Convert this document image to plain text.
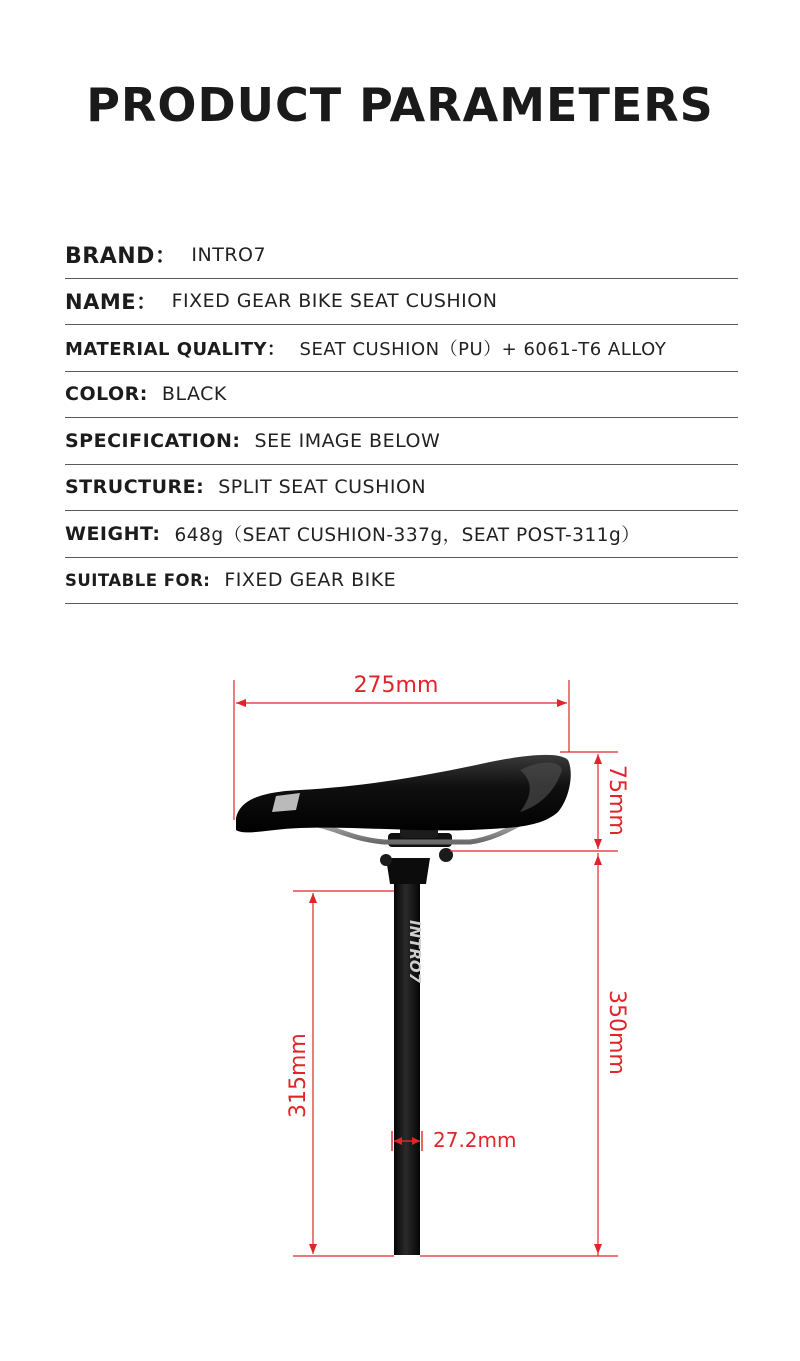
PRODUCT PARAMETERS
BRAND： INTRO7
NAME： FIXED GEAR BIKE SEAT CUSHION
MATERIAL QUALITY： SEAT CUSHION（PU）+ 6061-T6 ALLOY
COLOR: BLACK
SPECIFICATION: SEE IMAGE BELOW
STRUCTURE: SPLIT SEAT CUSHION
WEIGHT: 648g（SEAT CUSHION-337g，SEAT POST-311g）
SUITABLE FOR: FIXED GEAR BIKE
INTRO7
275mm
75mm
350mm
315mm
27.2mm
